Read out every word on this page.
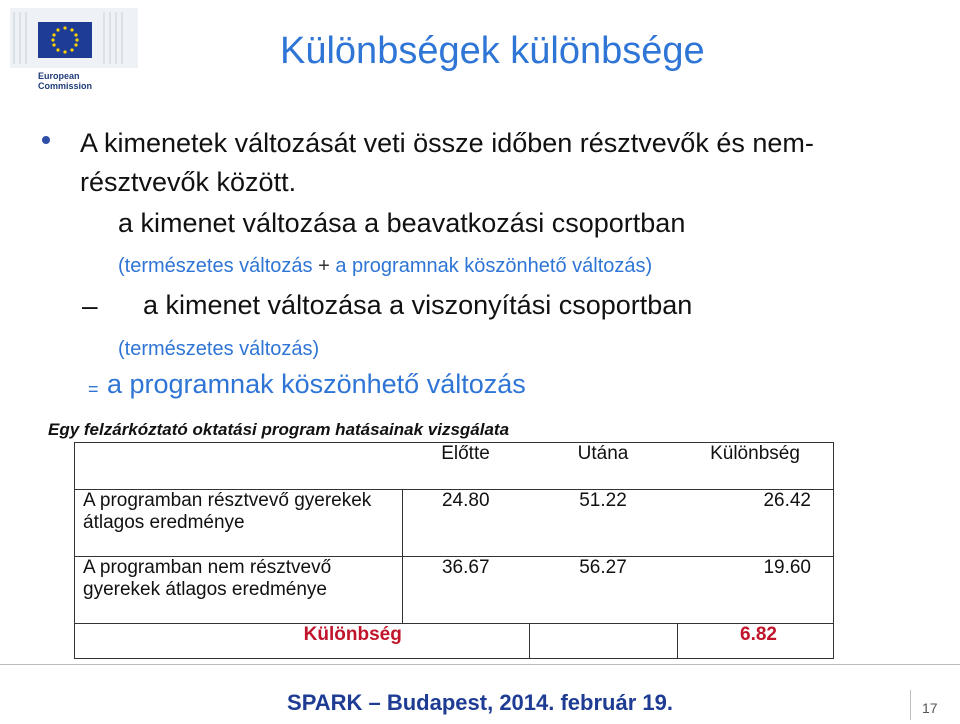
European
Commission
Különbségek különbsége
A kimenetek változását veti össze időben résztvevők és nem-résztvevők között.
a kimenet változása a beavatkozási csoportban
(természetes változás + a programnak köszönhető változás)
– a kimenet változása a viszonyítási csoportban
(természetes változás)
= a programnak köszönhető változás
Egy felzárkóztató oktatási program hatásainak vizsgálata
	Előtte	Utána	Különbség
A programban résztvevő gyerekek átlagos eredménye	24.80	51.22	26.42
A programban nem résztvevő gyerekek átlagos eredménye	36.67	56.27	19.60
Különbség			6.82
SPARK – Budapest, 2014. február 19.	17
